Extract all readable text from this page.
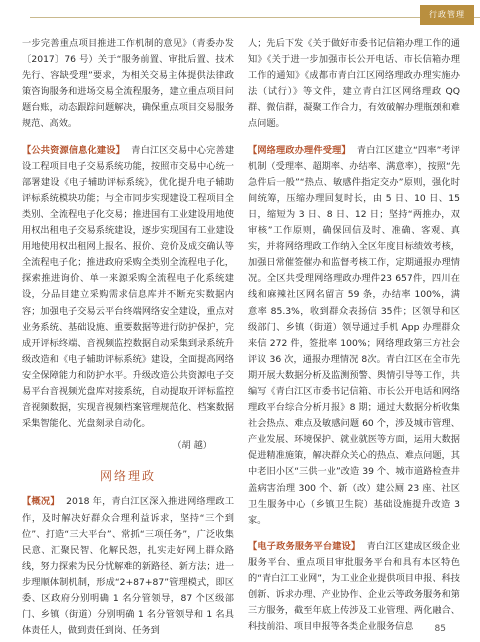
行政管理

一步完善重点项目推进工作机制的意见》（青委办发〔2017〕76 号）关于“服务前置、审批后置、技术先行、容缺受理”要求，为相关交易主体提供法律政策咨询服务和进场交易全流程服务，建立重点项目问题台账，动态跟踪问题解决，确保重点项目交易服务规范、高效。

【公共资源信息化建设】 青白江区交易中心完善建设工程项目电子交易系统功能，按照市交易中心统一部署建设《电子辅助评标系统》，优化提升电子辅助评标系统模块功能；与全市同步实现建设工程项目全类别、全流程电子化交易；推进国有工业建设用地使用权出租电子交易系统建设，逐步实现国有工业建设用地使用权出租网上报名、报价、竞价及成交确认等全流程电子化；推进政府采购全类别全流程电子化，探索推进询价、单一来源采购全流程电子化系统建设，分品目建立采购需求信息库并不断充实数据内容；加强电子交易云平台终端网络安全建设，重点对业务系统、基础设施、重要数据等进行防护保护，完成开评标终端、音视频监控数据自动采集到录系统升级改造和《电子辅助评标系统》建设，全面提高网络安全保障能力和防护水平。升级改造公共资源电子交易平台音视频光盘库对接系统，自动提取开评标监控音视频数据，实现音视频档案管理规范化、档案数据采集智能化、光盘刻录自动化。

（胡 越）

网络理政

【概况】 2018 年，青白江区深入推进网络理政工作，及时解决好群众合理利益诉求，坚持“三个到位”、打造“三大平台”、常抓“三项任务”，广泛收集民意、汇聚民智、化解民怨，扎实走好网上群众路线，努力探索为民分忧解难的新路径、新方法；进一步理顺体制机制，形成“2+87+87”管理模式，即区委、区政府分别明确 1 名分管领导，87 个区级部门、乡镇（街道）分别明确 1 名分管领导和 1 名具体责任人，做到责任到岗、任务到

人；先后下发《关于做好市委书记信箱办理工作的通知》《关于进一步加强市长公开电话、市长信箱办理工作的通知》《成都市青白江区网络理政办理实施办法（试行）》等文件，建立青白江区网络理政 QQ 群、微信群，凝聚工作合力，有效破解办理瓶颈和难点问题。

【网络理政办理件受理】 青白江区建立“四率”考评机制（受理率、超期率、办结率、满意率），按照“先急件后一般”“热点、敏感件指定交办”原则，强化时间统筹，压缩办理回复时长，由 5 日、10 日、15 日，缩短为 3 日、8 日、12 日；坚持“两推办，双审核”工作原则，确保回信及时、准确、客观、真实，并将网络理政工作纳入全区年度目标绩效考核，加强日常催签催办和监督考核工作，定期通报办理情况。全区共受理网络理政办理件23 657件，四川在线和麻辣社区网名留言 59 条，办结率 100%，满意率 85.3%，收到群众表扬信 35件；区领导和区级部门、乡镇（街道）领导通过手机 App 办理群众来信 272 件，签批率 100%；网络理政第三方社会评议 36 次，通报办理情况 8次。青白江区在全市先期开展大数据分析及监测预警、舆情引导等工作，共编写《青白江区市委书记信箱、市长公开电话和网络理政平台综合分析月报》8 期；通过大数据分析收集社会热点、难点及敏感问题 60 个，涉及城市管理、产业发展、环境保护、就业就医等方面，运用大数据促进精准施策，解决群众关心的热点、难点问题，其中老旧小区“三供一业”改造 39 个、城市道路检查井盖病害治理 300 个、新（改）建公厕 23 座、社区卫生服务中心（乡镇卫生院）基础设施提升改造 3 家。

【电子政务服务平台建设】 青白江区建成区级企业服务平台、重点项目审批服务平台和具有本区特色的“青白江工业网”，为工业企业提供项目申报、科技创新、诉求办理、产业协作、企业云等政务服务和第三方服务，截至年底上传涉及工业管理、两化融合、科技前沿、项目申报等各类企业服务信息	85
